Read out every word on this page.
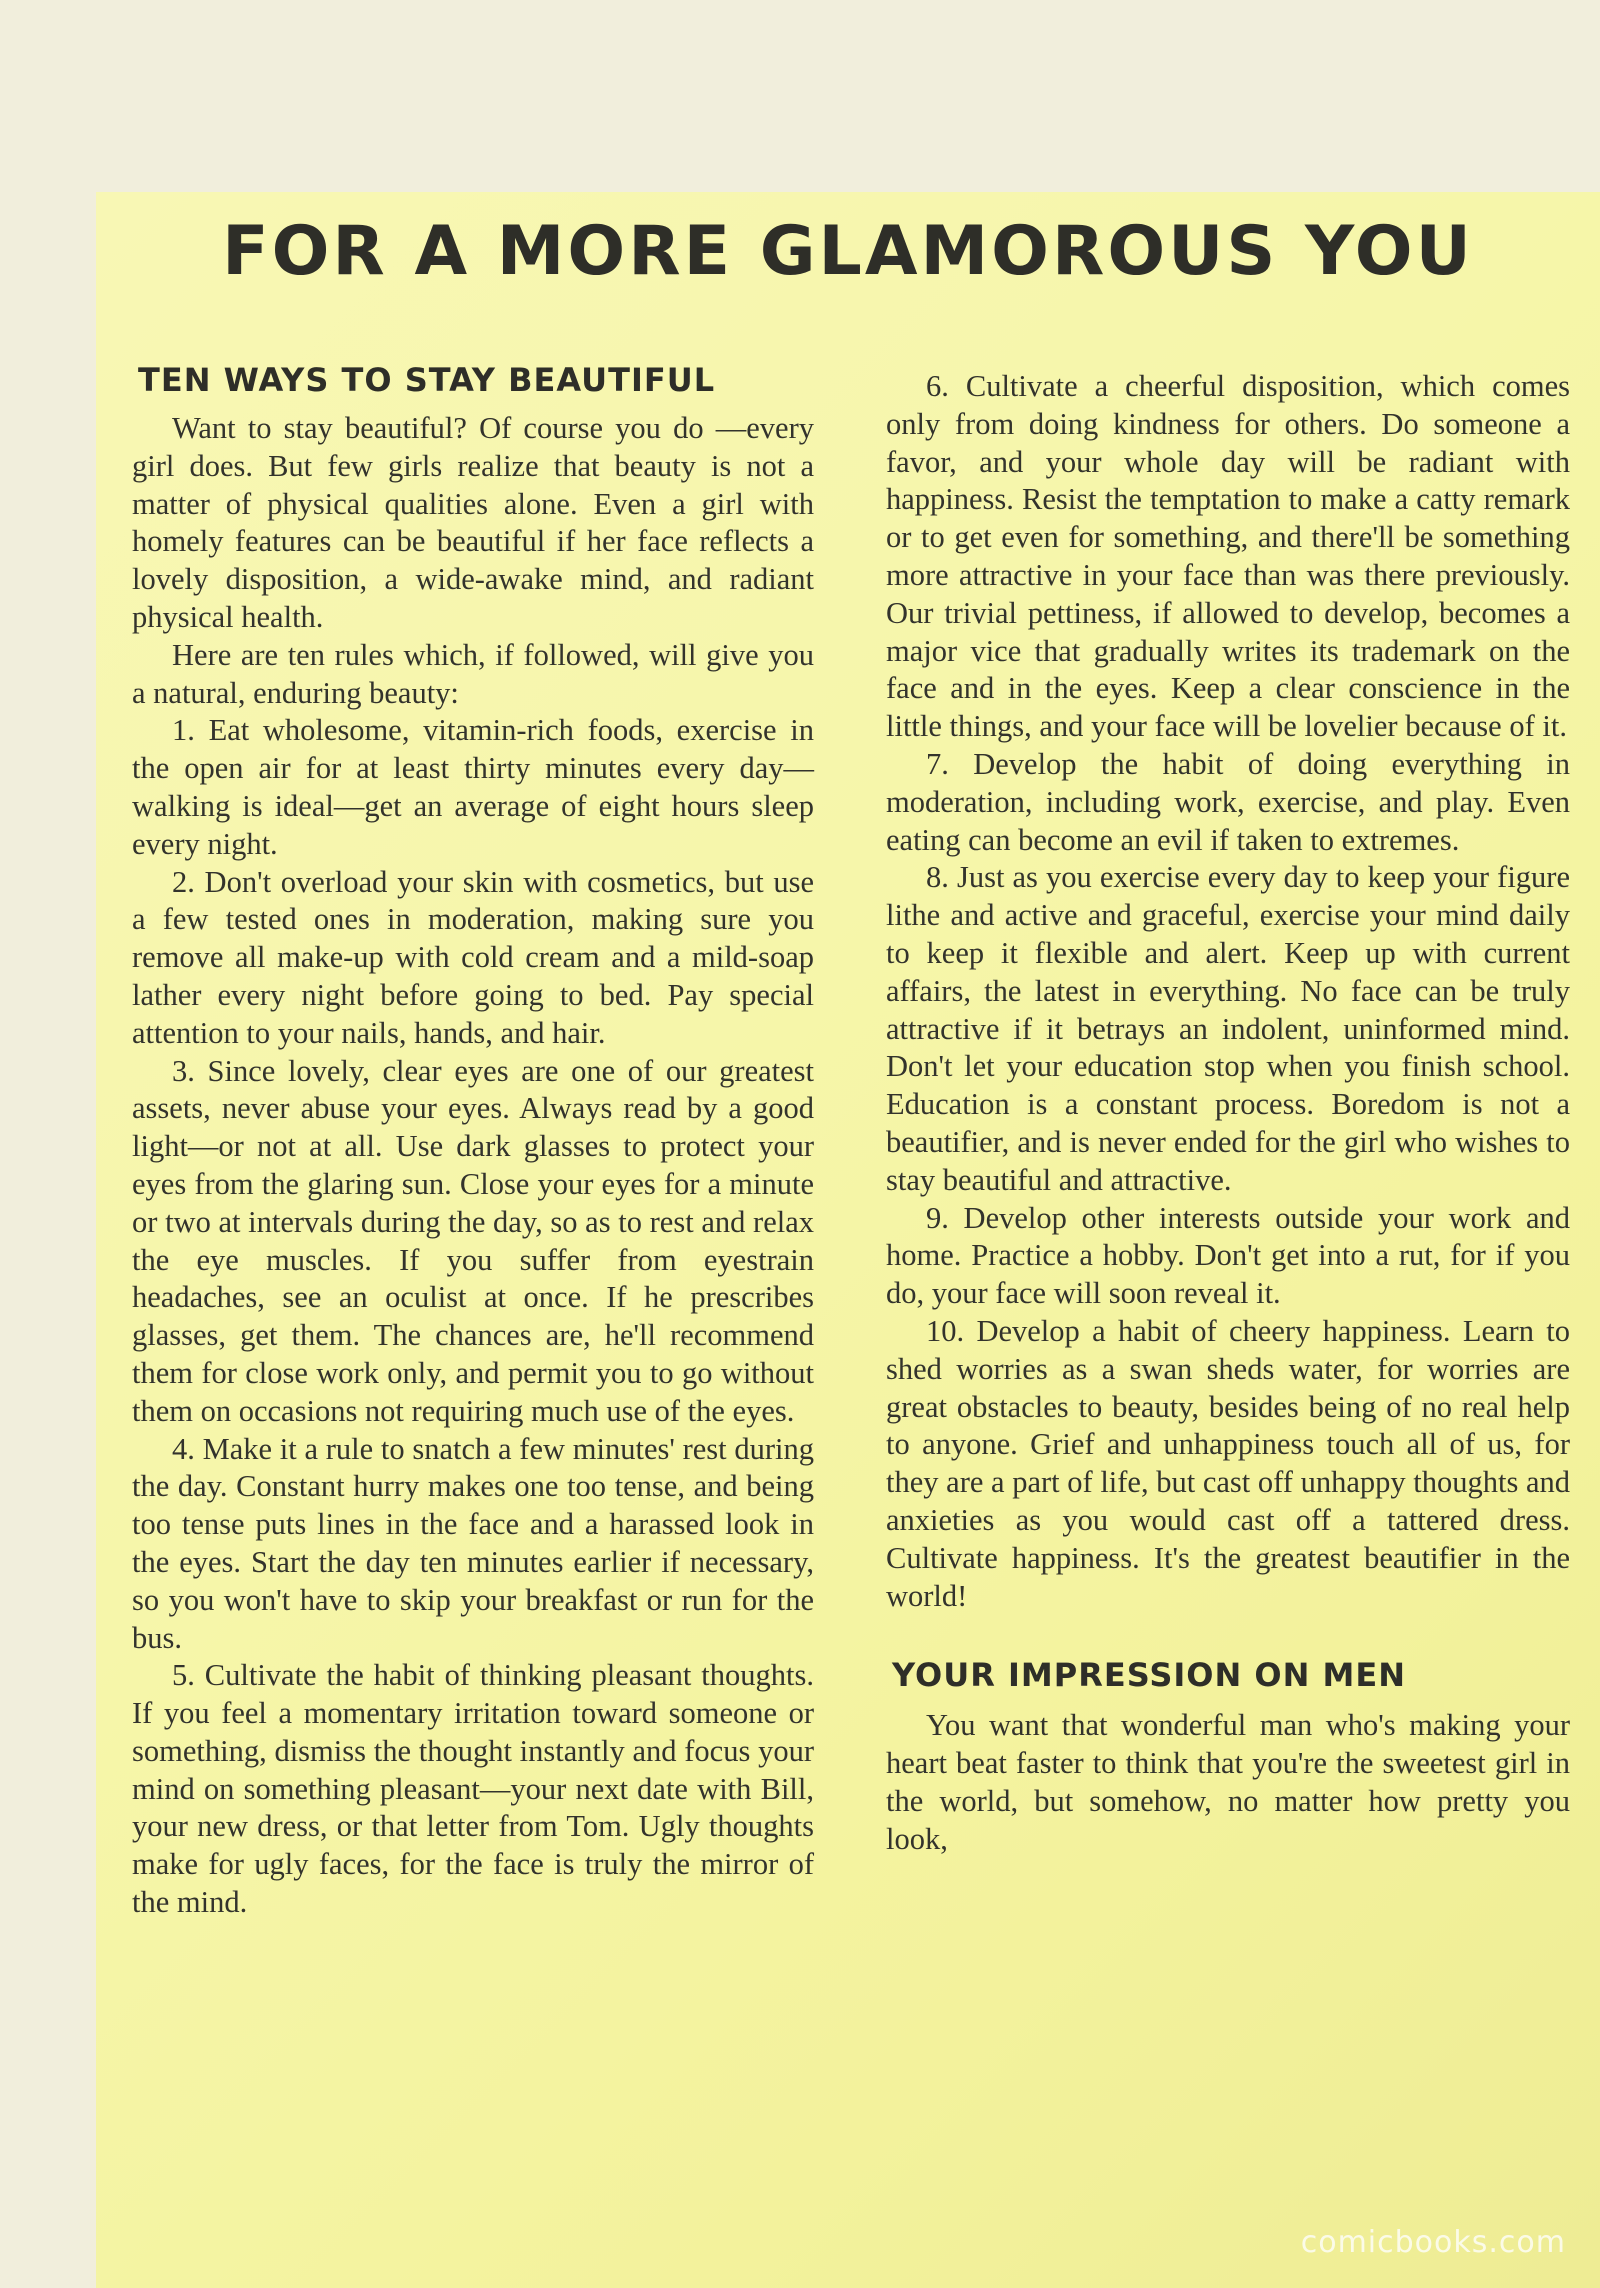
FOR A MORE GLAMOROUS YOU
TEN WAYS TO STAY BEAUTIFUL

Want to stay beautiful? Of course you do —every girl does. But few girls realize that beauty is not a matter of physical qualities alone. Even a girl with homely features can be beautiful if her face reflects a lovely disposition, a wide-awake mind, and radiant physical health.

Here are ten rules which, if followed, will give you a natural, enduring beauty:

1. Eat wholesome, vitamin-rich foods, exercise in the open air for at least thirty minutes every day—walking is ideal—get an average of eight hours sleep every night.

2. Don't overload your skin with cosmetics, but use a few tested ones in moderation, making sure you remove all make-up with cold cream and a mild-soap lather every night before going to bed. Pay special attention to your nails, hands, and hair.

3. Since lovely, clear eyes are one of our greatest assets, never abuse your eyes. Always read by a good light—or not at all. Use dark glasses to protect your eyes from the glaring sun. Close your eyes for a minute or two at intervals during the day, so as to rest and relax the eye muscles. If you suffer from eyestrain headaches, see an oculist at once. If he prescribes glasses, get them. The chances are, he'll recommend them for close work only, and permit you to go without them on occasions not requiring much use of the eyes.

4. Make it a rule to snatch a few minutes' rest during the day. Constant hurry makes one too tense, and being too tense puts lines in the face and a harassed look in the eyes. Start the day ten minutes earlier if necessary, so you won't have to skip your breakfast or run for the bus.

5. Cultivate the habit of thinking pleasant thoughts. If you feel a momentary irritation toward someone or something, dismiss the thought instantly and focus your mind on something pleasant—your next date with Bill, your new dress, or that letter from Tom. Ugly thoughts make for ugly faces, for the face is truly the mirror of the mind.

6. Cultivate a cheerful disposition, which comes only from doing kindness for others. Do someone a favor, and your whole day will be radiant with happiness. Resist the temptation to make a catty remark or to get even for something, and there'll be something more attractive in your face than was there previously. Our trivial pettiness, if allowed to develop, becomes a major vice that gradually writes its trademark on the face and in the eyes. Keep a clear conscience in the little things, and your face will be lovelier because of it.

7. Develop the habit of doing everything in moderation, including work, exercise, and play. Even eating can become an evil if taken to extremes.

8. Just as you exercise every day to keep your figure lithe and active and graceful, exercise your mind daily to keep it flexible and alert. Keep up with current affairs, the latest in everything. No face can be truly attractive if it betrays an indolent, uninformed mind. Don't let your education stop when you finish school. Education is a constant process. Boredom is not a beautifier, and is never ended for the girl who wishes to stay beautiful and attractive.

9. Develop other interests outside your work and home. Practice a hobby. Don't get into a rut, for if you do, your face will soon reveal it.

10. Develop a habit of cheery happiness. Learn to shed worries as a swan sheds water, for worries are great obstacles to beauty, besides being of no real help to anyone. Grief and unhappiness touch all of us, for they are a part of life, but cast off unhappy thoughts and anxieties as you would cast off a tattered dress. Cultivate happiness. It's the greatest beautifier in the world!

YOUR IMPRESSION ON MEN

You want that wonderful man who's making your heart beat faster to think that you're the sweetest girl in the world, but somehow, no matter how pretty you look,

comicbooks.com
